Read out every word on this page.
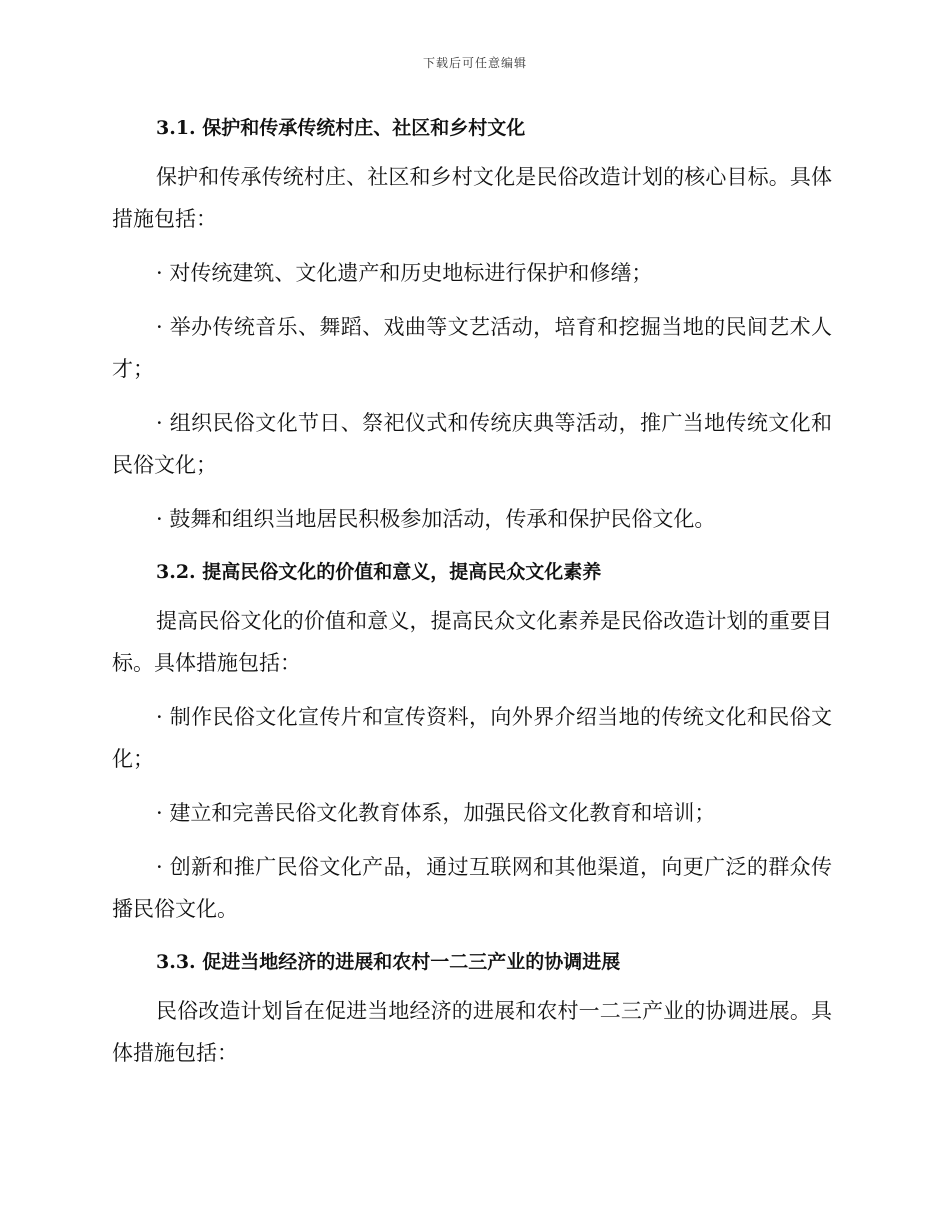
下载后可任意编辑
3.1. 保护和传承传统村庄、社区和乡村文化

保护和传承传统村庄、社区和乡村文化是民俗改造计划的核心目标。具体措施包括：

· 对传统建筑、文化遗产和历史地标进行保护和修缮；

· 举办传统音乐、舞蹈、戏曲等文艺活动，培育和挖掘当地的民间艺术人才；

· 组织民俗文化节日、祭祀仪式和传统庆典等活动，推广当地传统文化和民俗文化；

· 鼓舞和组织当地居民积极参加活动，传承和保护民俗文化。

3.2. 提高民俗文化的价值和意义，提高民众文化素养

提高民俗文化的价值和意义，提高民众文化素养是民俗改造计划的重要目标。具体措施包括：

· 制作民俗文化宣传片和宣传资料，向外界介绍当地的传统文化和民俗文化；

· 建立和完善民俗文化教育体系，加强民俗文化教育和培训；

· 创新和推广民俗文化产品，通过互联网和其他渠道，向更广泛的群众传播民俗文化。

3.3. 促进当地经济的进展和农村一二三产业的协调进展

民俗改造计划旨在促进当地经济的进展和农村一二三产业的协调进展。具体措施包括：
